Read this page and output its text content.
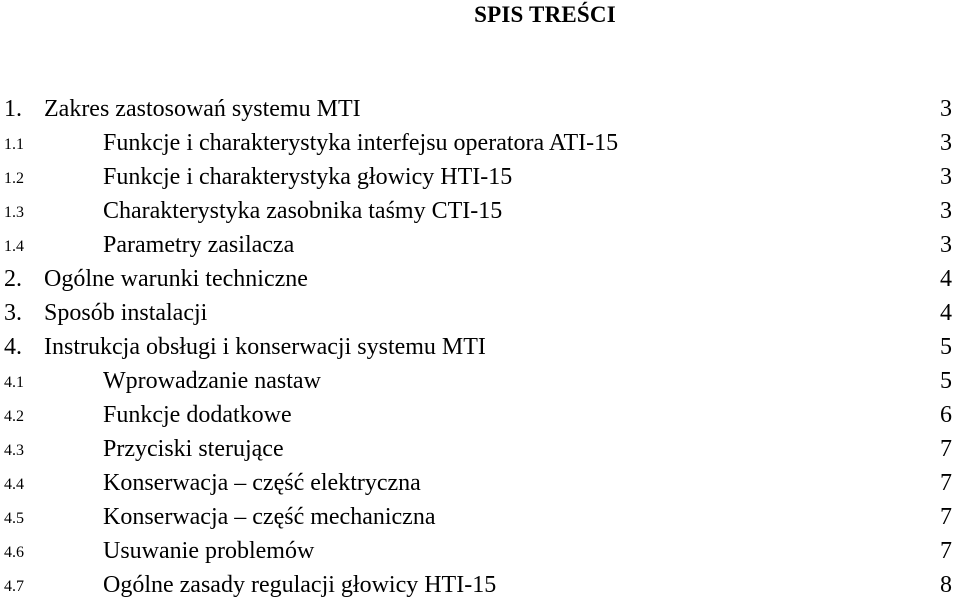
SPIS TREŚCI
1. Zakres zastosowań systemu MTI	3
1.1	Funkcje i charakterystyka interfejsu operatora ATI-15	3
1.2	Funkcje i charakterystyka głowicy HTI-15	3
1.3	Charakterystyka zasobnika taśmy CTI-15	3
1.4	Parametry zasilacza	3
2. Ogólne warunki techniczne	4
3. Sposób instalacji	4
4. Instrukcja obsługi i konserwacji systemu MTI	5
4.1	Wprowadzanie nastaw	5
4.2	Funkcje dodatkowe	6
4.3	Przyciski sterujące	7
4.4	Konserwacja – część elektryczna	7
4.5	Konserwacja – część mechaniczna	7
4.6	Usuwanie problemów	7
4.7	Ogólne zasady regulacji głowicy HTI-15	8
